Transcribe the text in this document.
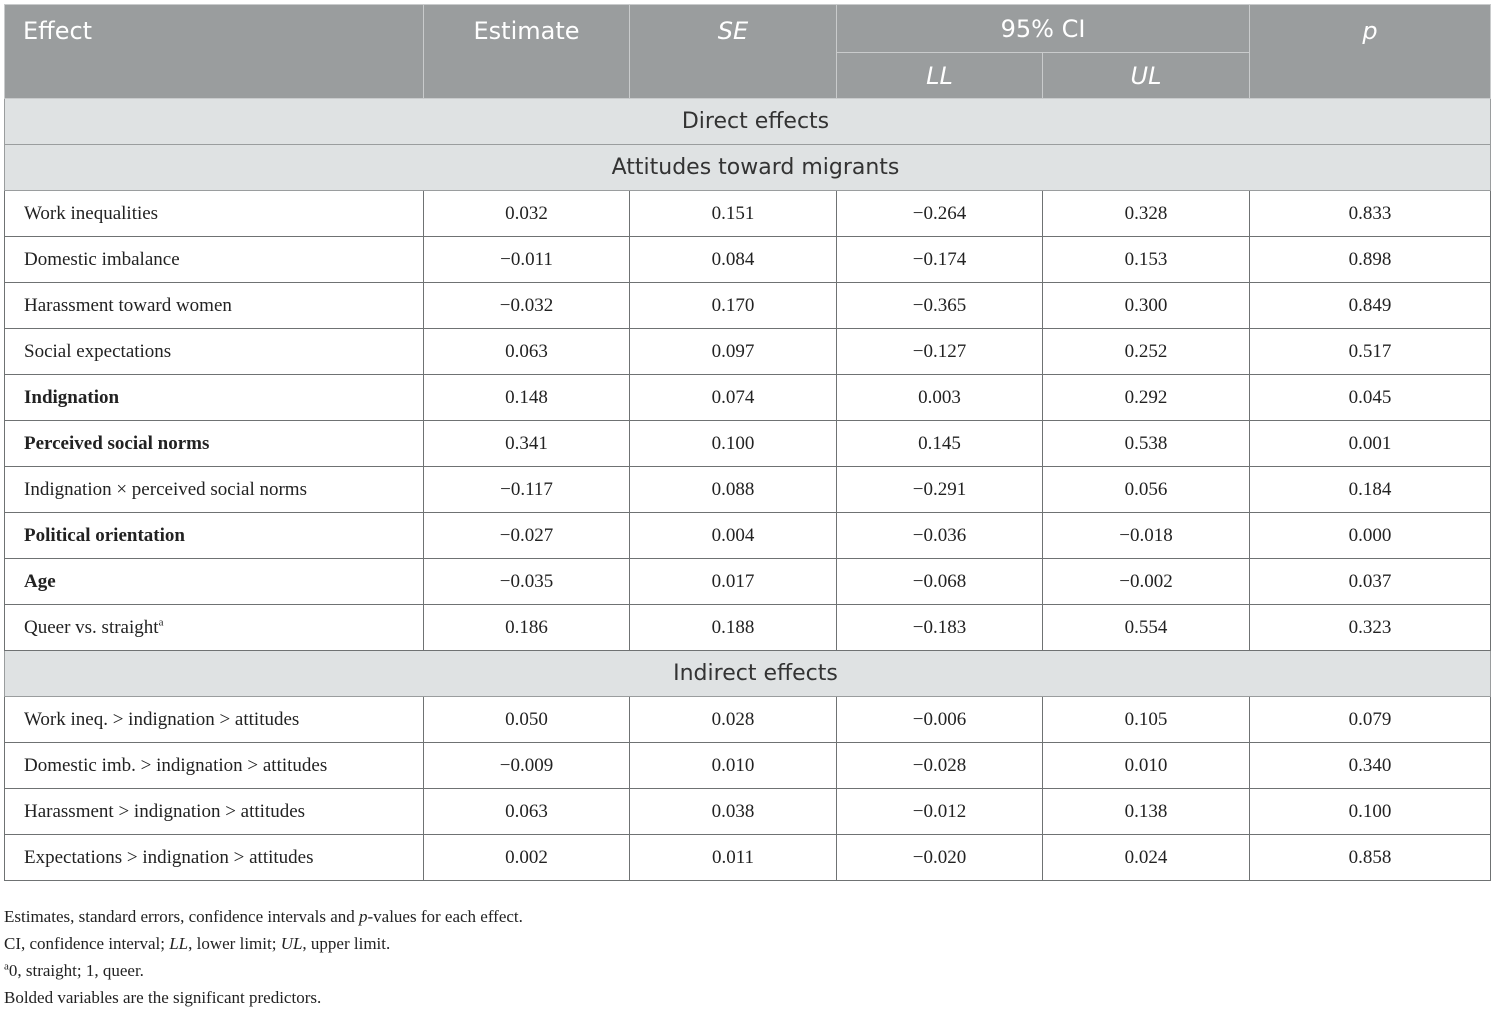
Effect	Estimate	SE	95% CI		p
			LL	UL	
Direct effects					
Attitudes toward migrants					
Work inequalities	0.032	0.151	−0.264	0.328	0.833
Domestic imbalance	−0.011	0.084	−0.174	0.153	0.898
Harassment toward women	−0.032	0.170	−0.365	0.300	0.849
Social expectations	0.063	0.097	−0.127	0.252	0.517
Indignation	0.148	0.074	0.003	0.292	0.045
Perceived social norms	0.341	0.100	0.145	0.538	0.001
Indignation × perceived social norms	−0.117	0.088	−0.291	0.056	0.184
Political orientation	−0.027	0.004	−0.036	−0.018	0.000
Age	−0.035	0.017	−0.068	−0.002	0.037
Queer vs. straight$^a$	0.186	0.188	−0.183	0.554	0.323
Indirect effects					
Work ineq. > indignation > attitudes	0.050	0.028	−0.006	0.105	0.079
Domestic imb. > indignation > attitudes	−0.009	0.010	−0.028	0.010	0.340
Harassment > indignation > attitudes	0.063	0.038	−0.012	0.138	0.100
Expectations > indignation > attitudes	0.002	0.011	−0.020	0.024	0.858

Estimates, standard errors, confidence intervals and p-values for each effect.

CI, confidence interval; LL, lower limit; UL, upper limit.

$^a$0, straight; 1, queer.

Bolded variables are the significant predictors.
